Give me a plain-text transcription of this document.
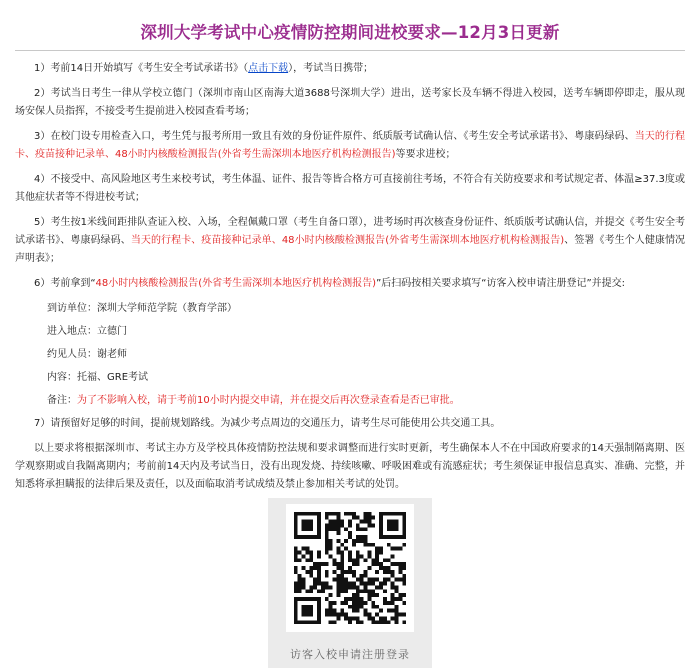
深圳大学考试中心疫情防控期间进校要求—12月3日更新

1）考前14日开始填写《考生安全考试承诺书》（点击下载），考试当日携带；

2）考试当日考生一律从学校立德门（深圳市南山区南海大道3688号深圳大学）进出，送考家长及车辆不得进入校园，送考车辆即停即走，服从现场安保人员指挥，不接受考生提前进入校园查看考场；

3）在校门设专用检查入口，考生凭与报考所用一致且有效的身份证件原件、纸质版考试确认信、《考生安全考试承诺书》、粤康码绿码、当天的行程卡、疫苗接种记录单、48小时内核酸检测报告(外省考生需深圳本地医疗机构检测报告)等要求进校；

4）不接受中、高风险地区考生来校考试，考生体温、证件、报告等皆合格方可直接前往考场，不符合有关防疫要求和考试规定者、体温≥37.3度或其他症状者等不得进校考试；

5）考生按1米线间距排队查证入校、入场，全程佩戴口罩（考生自备口罩），进考场时再次核查身份证件、纸质版考试确认信，并提交《考生安全考试承诺书》、粤康码绿码、当天的行程卡、疫苗接种记录单、48小时内核酸检测报告(外省考生需深圳本地医疗机构检测报告)、签署《考生个人健康情况声明表》；

6）考前拿到“48小时内核酸检测报告(外省考生需深圳本地医疗机构检测报告)”后扫码按相关要求填写“访客入校申请注册登记”并提交:

到访单位：深圳大学师范学院（教育学部）

进入地点：立德门

约见人员：谢老师

内容：托福、GRE考试

备注：为了不影响入校，请于考前10小时内提交申请，并在提交后再次登录查看是否已审批。

7）请预留好足够的时间，提前规划路线。为减少考点周边的交通压力，请考生尽可能使用公共交通工具。

以上要求将根据深圳市、考试主办方及学校具体疫情防控法规和要求调整而进行实时更新，考生确保本人不在中国政府要求的14天强制隔离期、医学观察期或自我隔离期内；考前前14天内及考试当日，没有出现发烧、持续咳嗽、呼吸困难或有流感症状；考生须保证申报信息真实、准确、完整，并知悉将承担瞒报的法律后果及责任，以及面临取消考试成绩及禁止参加相关考试的处罚。

访客入校申请注册登录
